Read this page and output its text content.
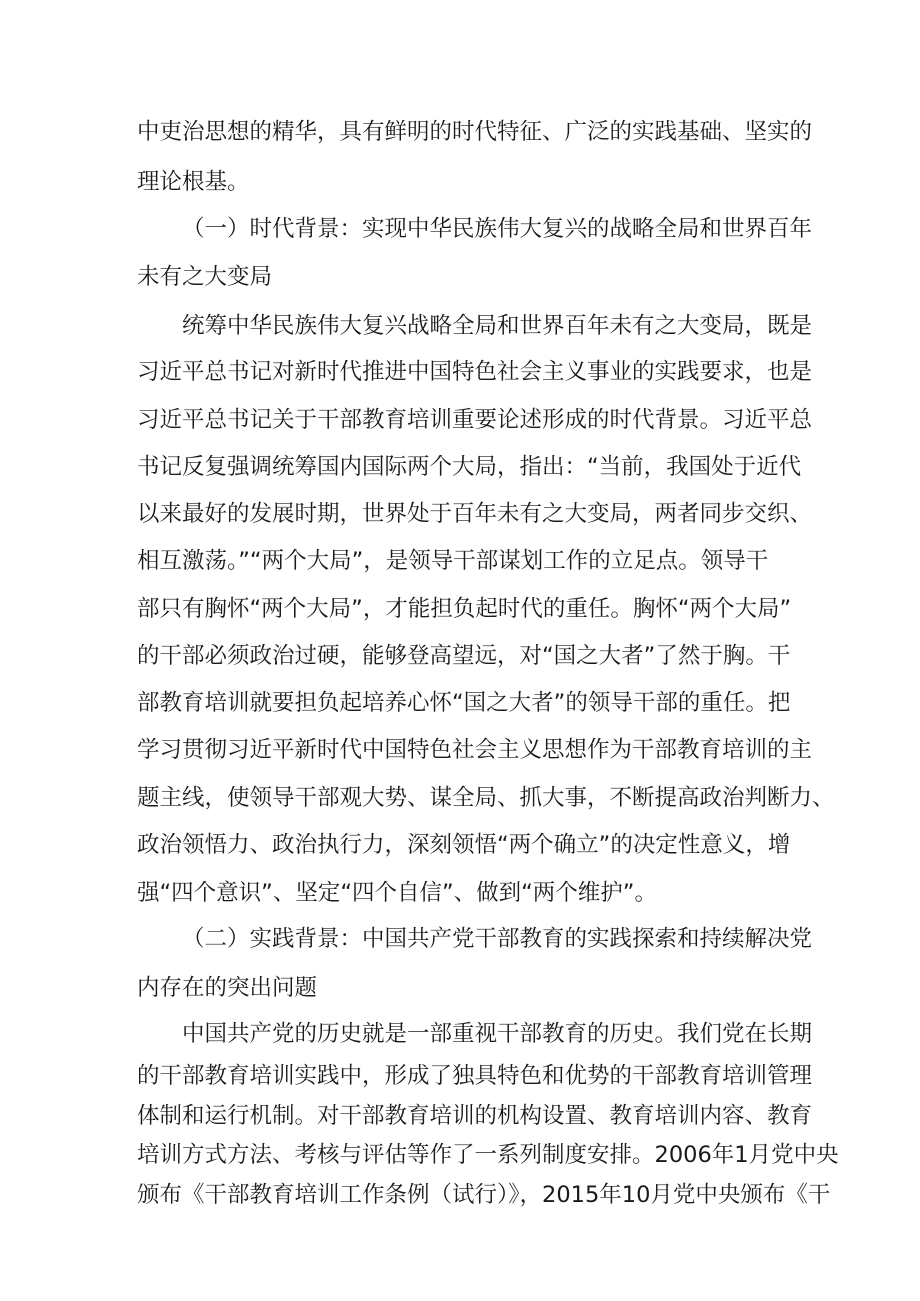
中吏治思想的精华，具有鲜明的时代特征、广泛的实践基础、坚实的
理论根基。
（一）时代背景：实现中华民族伟大复兴的战略全局和世界百年
未有之大变局
统筹中华民族伟大复兴战略全局和世界百年未有之大变局，既是
习近平总书记对新时代推进中国特色社会主义事业的实践要求，也是
习近平总书记关于干部教育培训重要论述形成的时代背景。习近平总
书记反复强调统筹国内国际两个大局，指出：“当前，我国处于近代
以来最好的发展时期，世界处于百年未有之大变局，两者同步交织、
相互激荡。”“两个大局”，是领导干部谋划工作的立足点。领导干
部只有胸怀“两个大局”，才能担负起时代的重任。胸怀“两个大局”
的干部必须政治过硬，能够登高望远，对“国之大者”了然于胸。干
部教育培训就要担负起培养心怀“国之大者”的领导干部的重任。把
学习贯彻习近平新时代中国特色社会主义思想作为干部教育培训的主
题主线，使领导干部观大势、谋全局、抓大事，不断提高政治判断力、
政治领悟力、政治执行力，深刻领悟“两个确立”的决定性意义，增
强“四个意识”、坚定“四个自信”、做到“两个维护”。
（二）实践背景：中国共产党干部教育的实践探索和持续解决党
内存在的突出问题
中国共产党的历史就是一部重视干部教育的历史。我们党在长期
的干部教育培训实践中，形成了独具特色和优势的干部教育培训管理
体制和运行机制。对干部教育培训的机构设置、教育培训内容、教育
培训方式方法、考核与评估等作了一系列制度安排。2006年1月党中央
颁布《干部教育培训工作条例（试行）》，2015年10月党中央颁布《干
